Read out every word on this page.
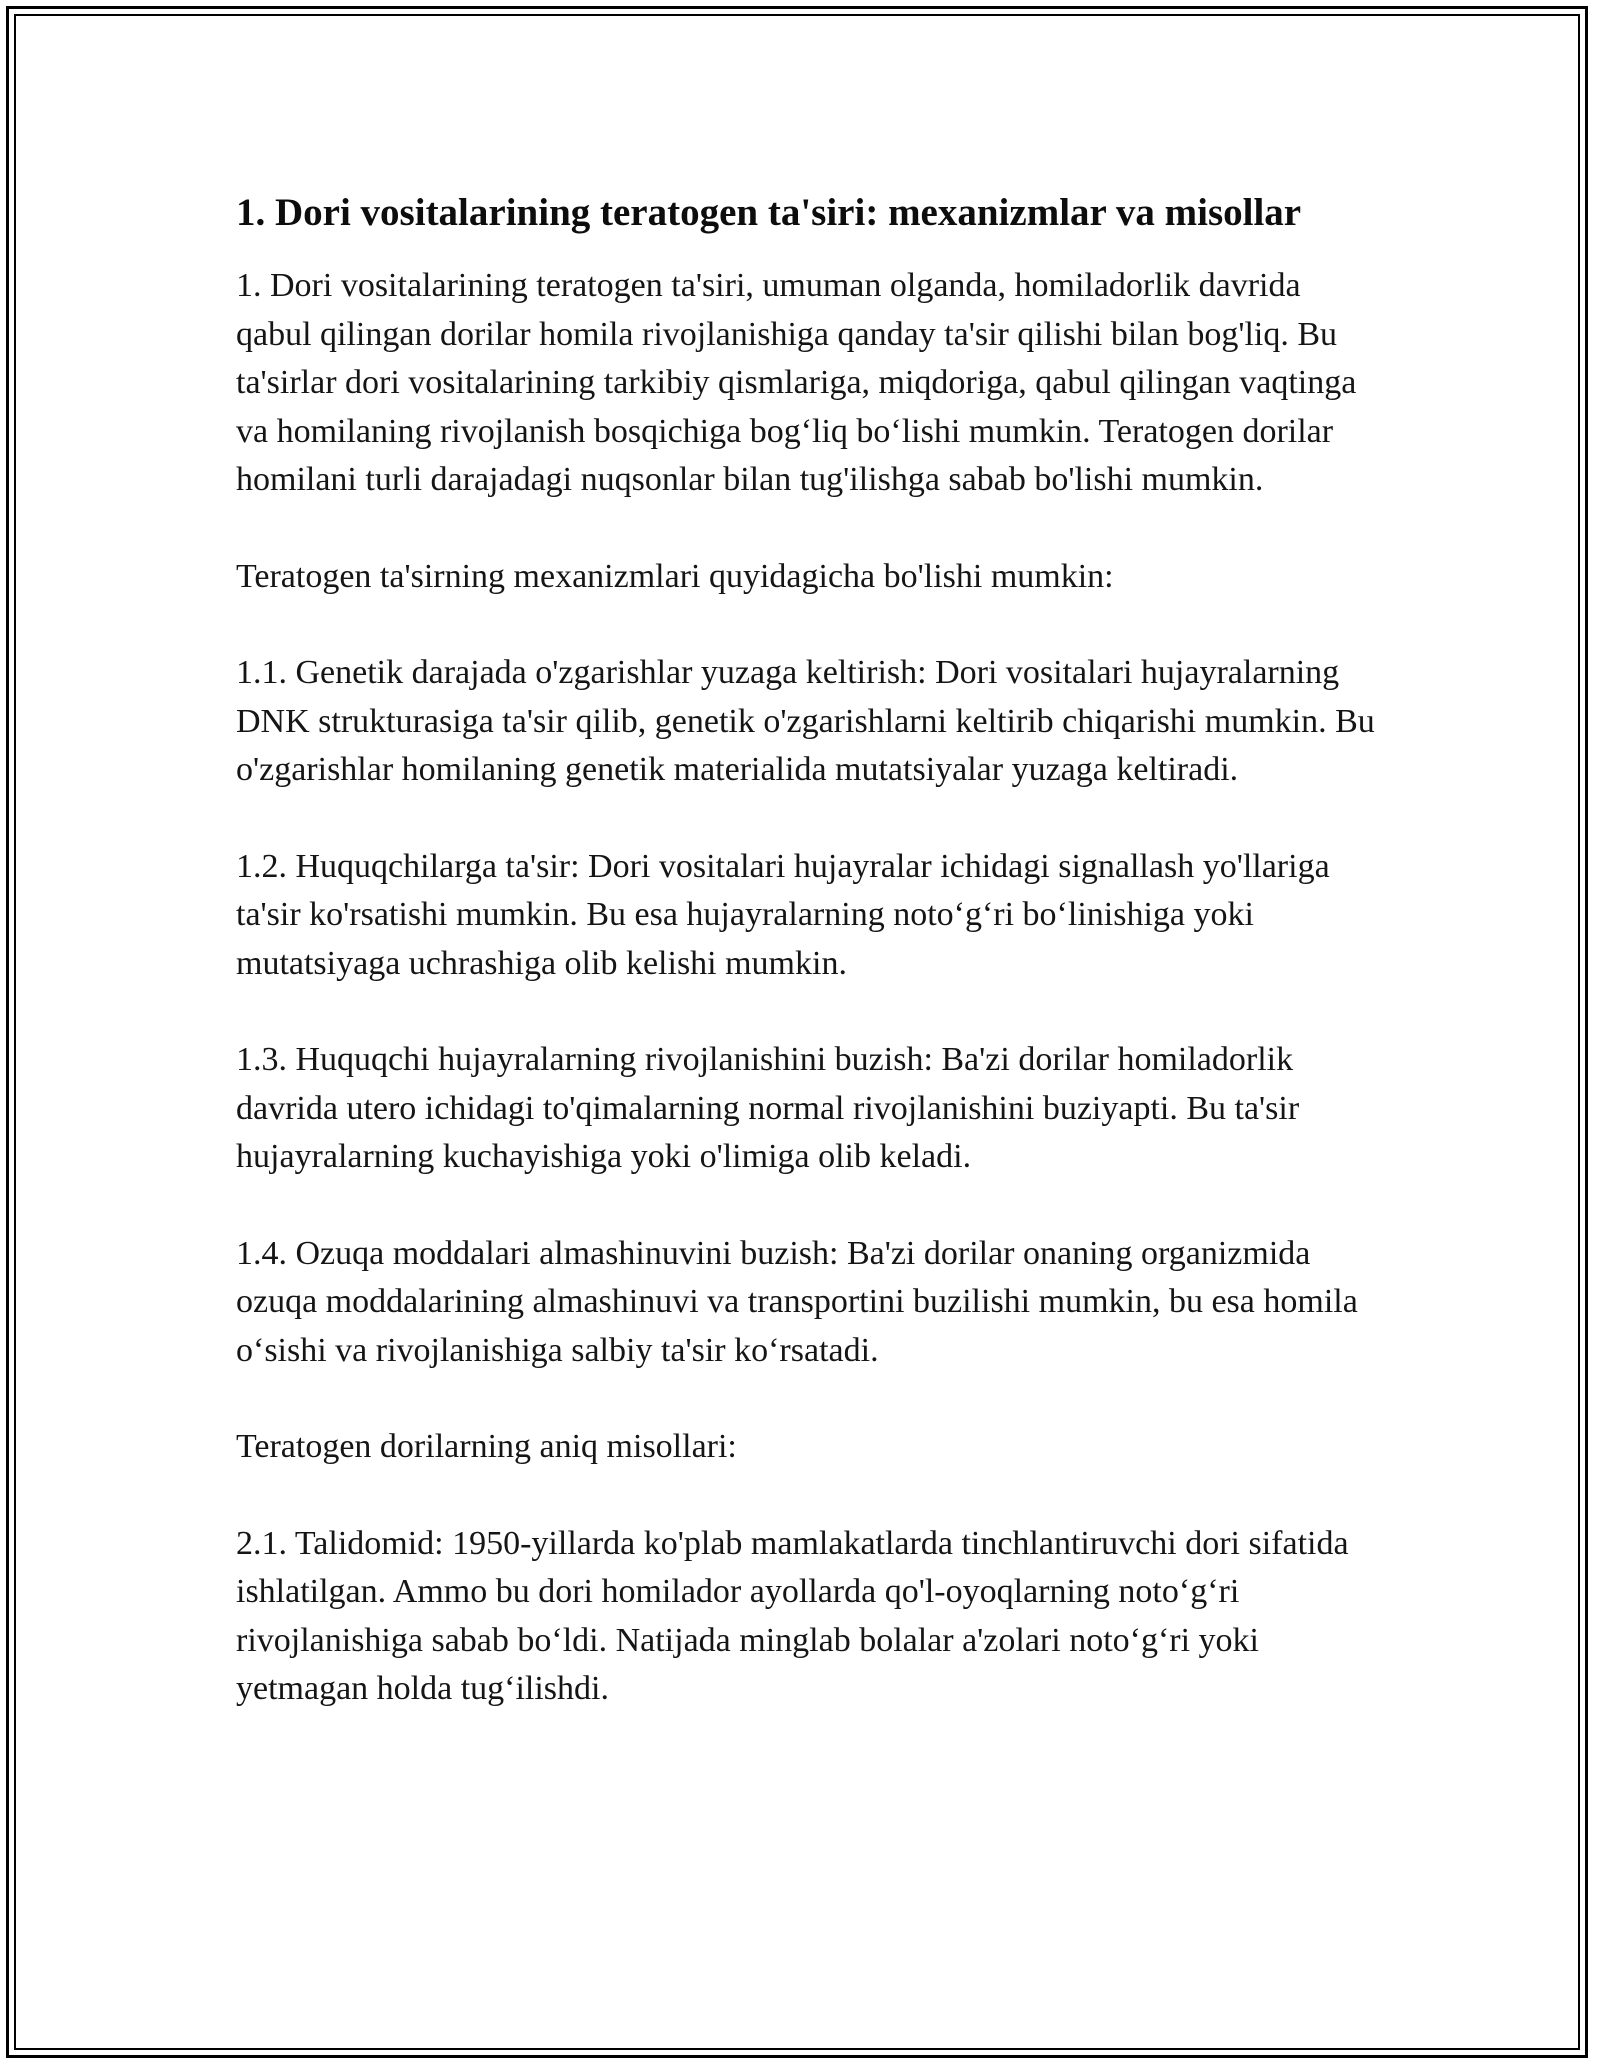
1. Dori vositalarining teratogen ta'siri: mexanizmlar va misollar

1. Dori vositalarining teratogen ta'siri, umuman olganda, homiladorlik davrida qabul qilingan dorilar homila rivojlanishiga qanday ta'sir qilishi bilan bog'liq. Bu ta'sirlar dori vositalarining tarkibiy qismlariga, miqdoriga, qabul qilingan vaqtinga va homilaning rivojlanish bosqichiga bog‘liq bo‘lishi mumkin. Teratogen dorilar homilani turli darajadagi nuqsonlar bilan tug'ilishga sabab bo'lishi mumkin.

Teratogen ta'sirning mexanizmlari quyidagicha bo'lishi mumkin:

1.1. Genetik darajada o'zgarishlar yuzaga keltirish: Dori vositalari hujayralarning DNK strukturasiga ta'sir qilib, genetik o'zgarishlarni keltirib chiqarishi mumkin. Bu o'zgarishlar homilaning genetik materialida mutatsiyalar yuzaga keltiradi.

1.2. Huquqchilarga ta'sir: Dori vositalari hujayralar ichidagi signallash yo'llariga ta'sir ko'rsatishi mumkin. Bu esa hujayralarning noto‘g‘ri bo‘linishiga yoki mutatsiyaga uchrashiga olib kelishi mumkin.

1.3. Huquqchi hujayralarning rivojlanishini buzish: Ba'zi dorilar homiladorlik davrida utero ichidagi to'qimalarning normal rivojlanishini buziyapti. Bu ta'sir hujayralarning kuchayishiga yoki o'limiga olib keladi.

1.4. Ozuqa moddalari almashinuvini buzish: Ba'zi dorilar onaning organizmida ozuqa moddalarining almashinuvi va transportini buzilishi mumkin, bu esa homila o‘sishi va rivojlanishiga salbiy ta'sir ko‘rsatadi.

Teratogen dorilarning aniq misollari:

2.1. Talidomid: 1950-yillarda ko'plab mamlakatlarda tinchlantiruvchi dori sifatida ishlatilgan. Ammo bu dori homilador ayollarda qo'l-oyoqlarning noto‘g‘ri rivojlanishiga sabab bo‘ldi. Natijada minglab bolalar a'zolari noto‘g‘ri yoki yetmagan holda tug‘ilishdi.
